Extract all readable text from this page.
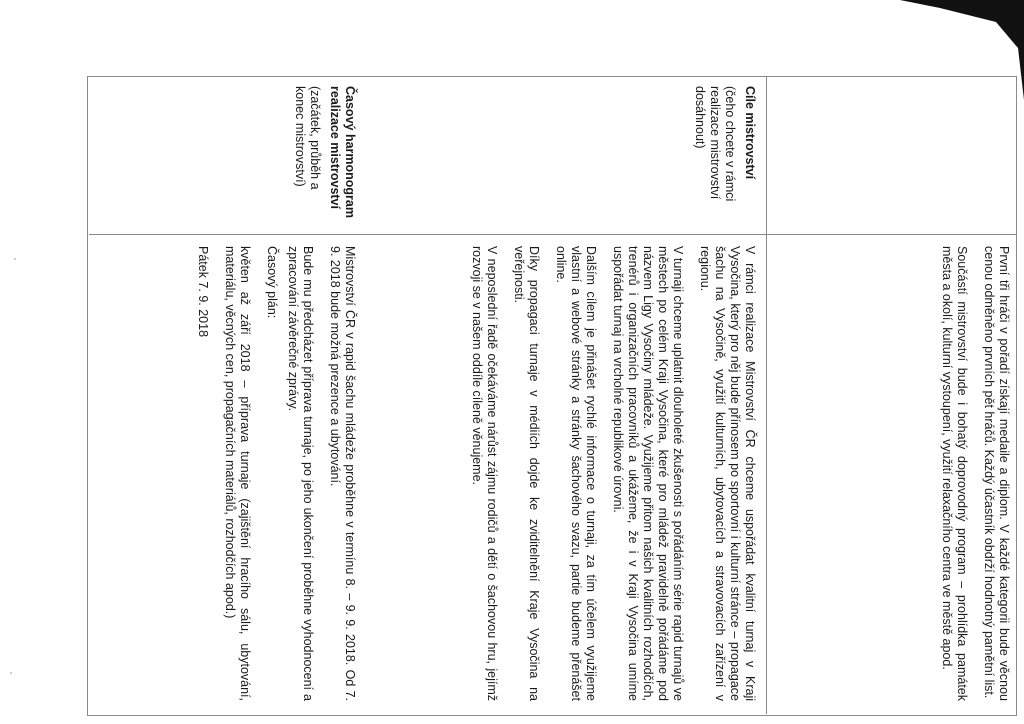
První tři hráči v pořadí získají medaile a diplom. V každé kategorii bude věcnou cenou odměněno prvních pět hráčů. Každý účastník obdrží hodnotný pamětní list.

Součástí mistrovství bude i bohatý doprovodný program – prohlídka památek města a okolí, kulturní vystoupení, využití relaxačního centra ve městě apod.

Cíle mistrovství

(čeho chcete v rámci realizace mistrovství dosáhnout)

V rámci realizace Mistrovství ČR chceme uspořádat kvalitní turnaj v Kraji Vysočina, který pro něj bude přínosem po sportovní i kulturní stránce – propagace šachu na Vysočině, využití kulturních, ubytovacích a stravovacích zařízení v regionu.

V turnaji chceme uplatnit dlouholeté zkušenosti s pořádáním série rapid turnajů ve městech po celém Kraji Vysočina, které pro mládež pravidelně pořádáme pod názvem Ligy Vysočiny mládeže. Využijeme přitom našich kvalitních rozhodčích, trenérů i organizačních pracovníků a ukážeme, že i v Kraji Vysočina umíme uspořádat turnaj na vrcholné republikové úrovni.

Dalším cílem je přinášet rychlé informace o turnaji, za tím účelem využijeme vlastní a webové stránky a stránky šachového svazu, partie budeme přenášet online.

Díky propagaci turnaje v médiích dojde ke zviditelnění Kraje Vysočina na veřejnosti.

V neposlední řadě očekáváme nárůst zájmu rodičů a dětí o šachovou hru, jejímž rozvoji se v našem oddíle cíleně věnujeme.

Časový harmonogram realizace mistrovství

(začátek, průběh a konec mistrovství)

Mistrovství ČR v rapid šachu mládeže proběhne v termínu 8. – 9. 9. 2018. Od 7. 9. 2018 bude možná prezence a ubytování.

Bude mu předcházet příprava turnaje, po jeho ukončení proběhne vyhodnocení a zpracování závěrečné zprávy.

Časový plán:

květen až září 2018 – příprava turnaje (zajištění hracího sálu, ubytování, materiálu, věcných cen, propagačních materiálů, rozhodčích apod.)

Pátek 7. 9. 2018
